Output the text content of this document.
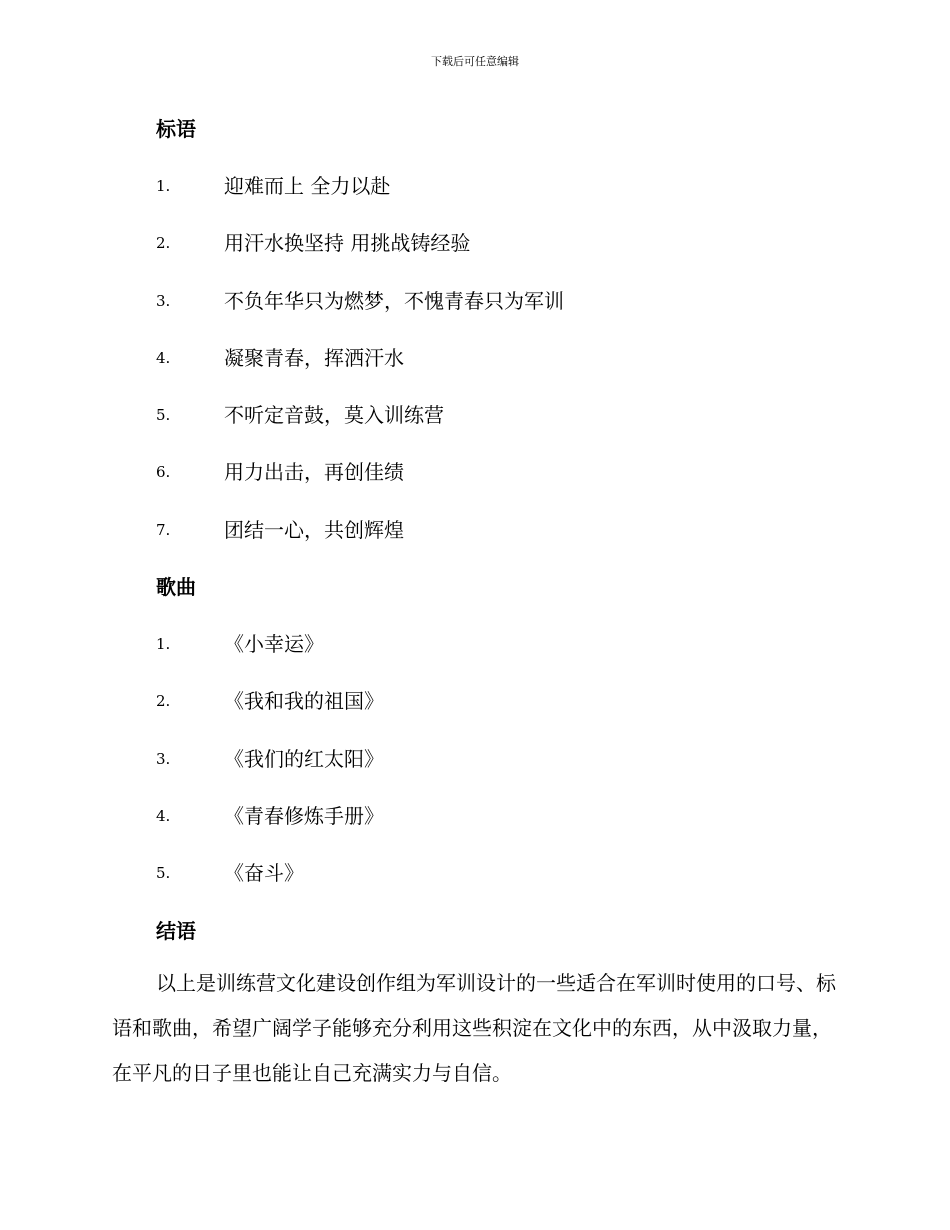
下载后可任意编辑
标语
1.	迎难而上 全力以赴
2.	用汗水换坚持 用挑战铸经验
3.	不负年华只为燃梦，不愧青春只为军训
4.	凝聚青春，挥洒汗水
5.	不听定音鼓，莫入训练营
6.	用力出击，再创佳绩
7.	团结一心，共创辉煌
歌曲
1.	《小幸运》
2.	《我和我的祖国》
3.	《我们的红太阳》
4.	《青春修炼手册》
5.	《奋斗》
结语

以上是训练营文化建设创作组为军训设计的一些适合在军训时使用的口号、标语和歌曲，希望广阔学子能够充分利用这些积淀在文化中的东西，从中汲取力量，在平凡的日子里也能让自己充满实力与自信。
